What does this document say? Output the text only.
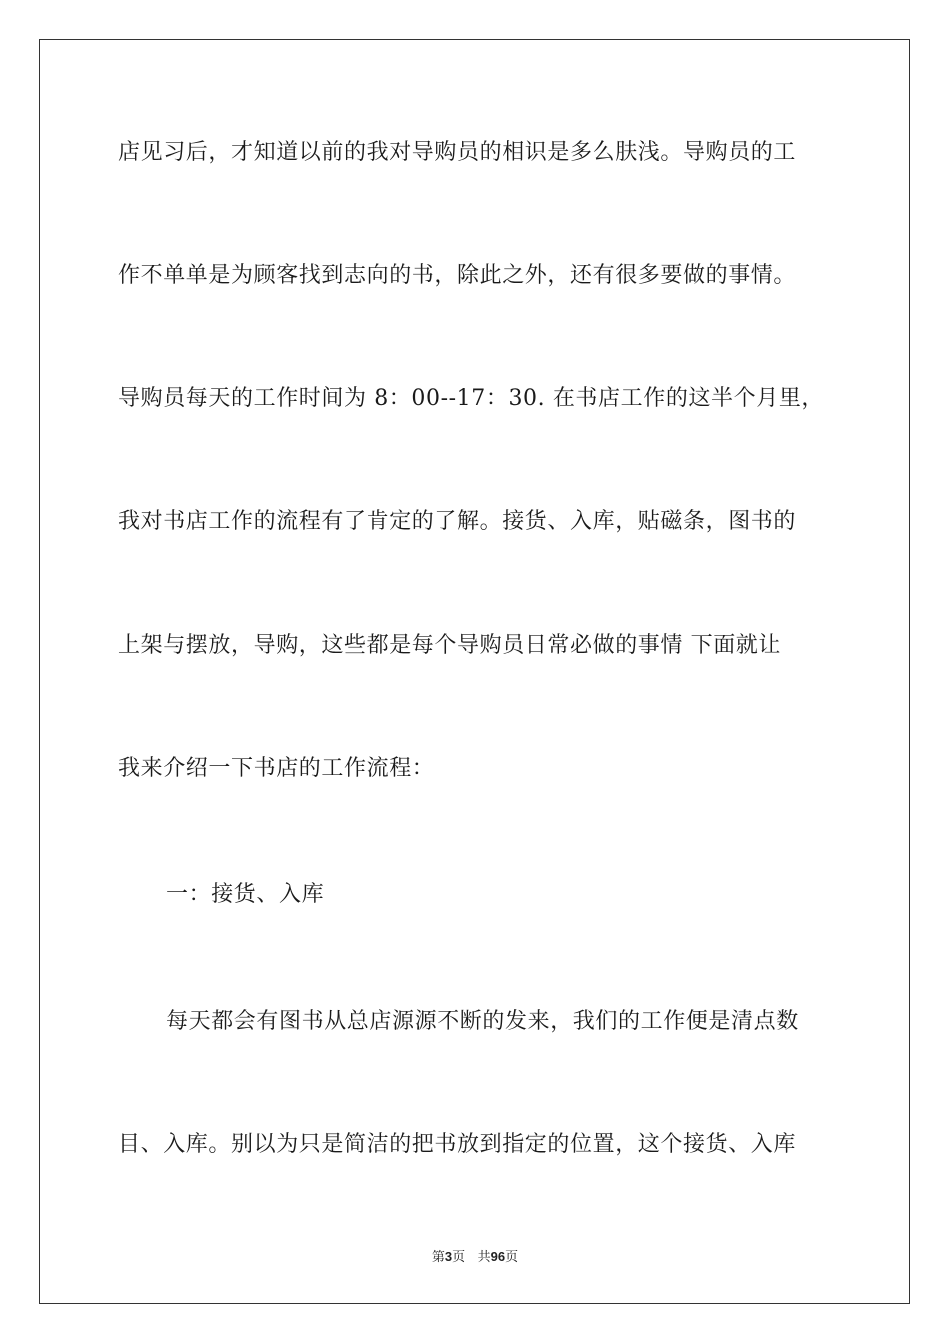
店见习后，才知道以前的我对导购员的相识是多么肤浅。导购员的工
作不单单是为顾客找到志向的书，除此之外，还有很多要做的事情。
导购员每天的工作时间为 8：00--17：30. 在书店工作的这半个月里，
我对书店工作的流程有了肯定的了解。接货、入库，贴磁条，图书的
上架与摆放，导购，这些都是每个导购员日常必做的事情 下面就让
我来介绍一下书店的工作流程：
一：接货、入库
每天都会有图书从总店源源不断的发来，我们的工作便是清点数
目、入库。别以为只是简洁的把书放到指定的位置，这个接货、入库
第3页 共96页
